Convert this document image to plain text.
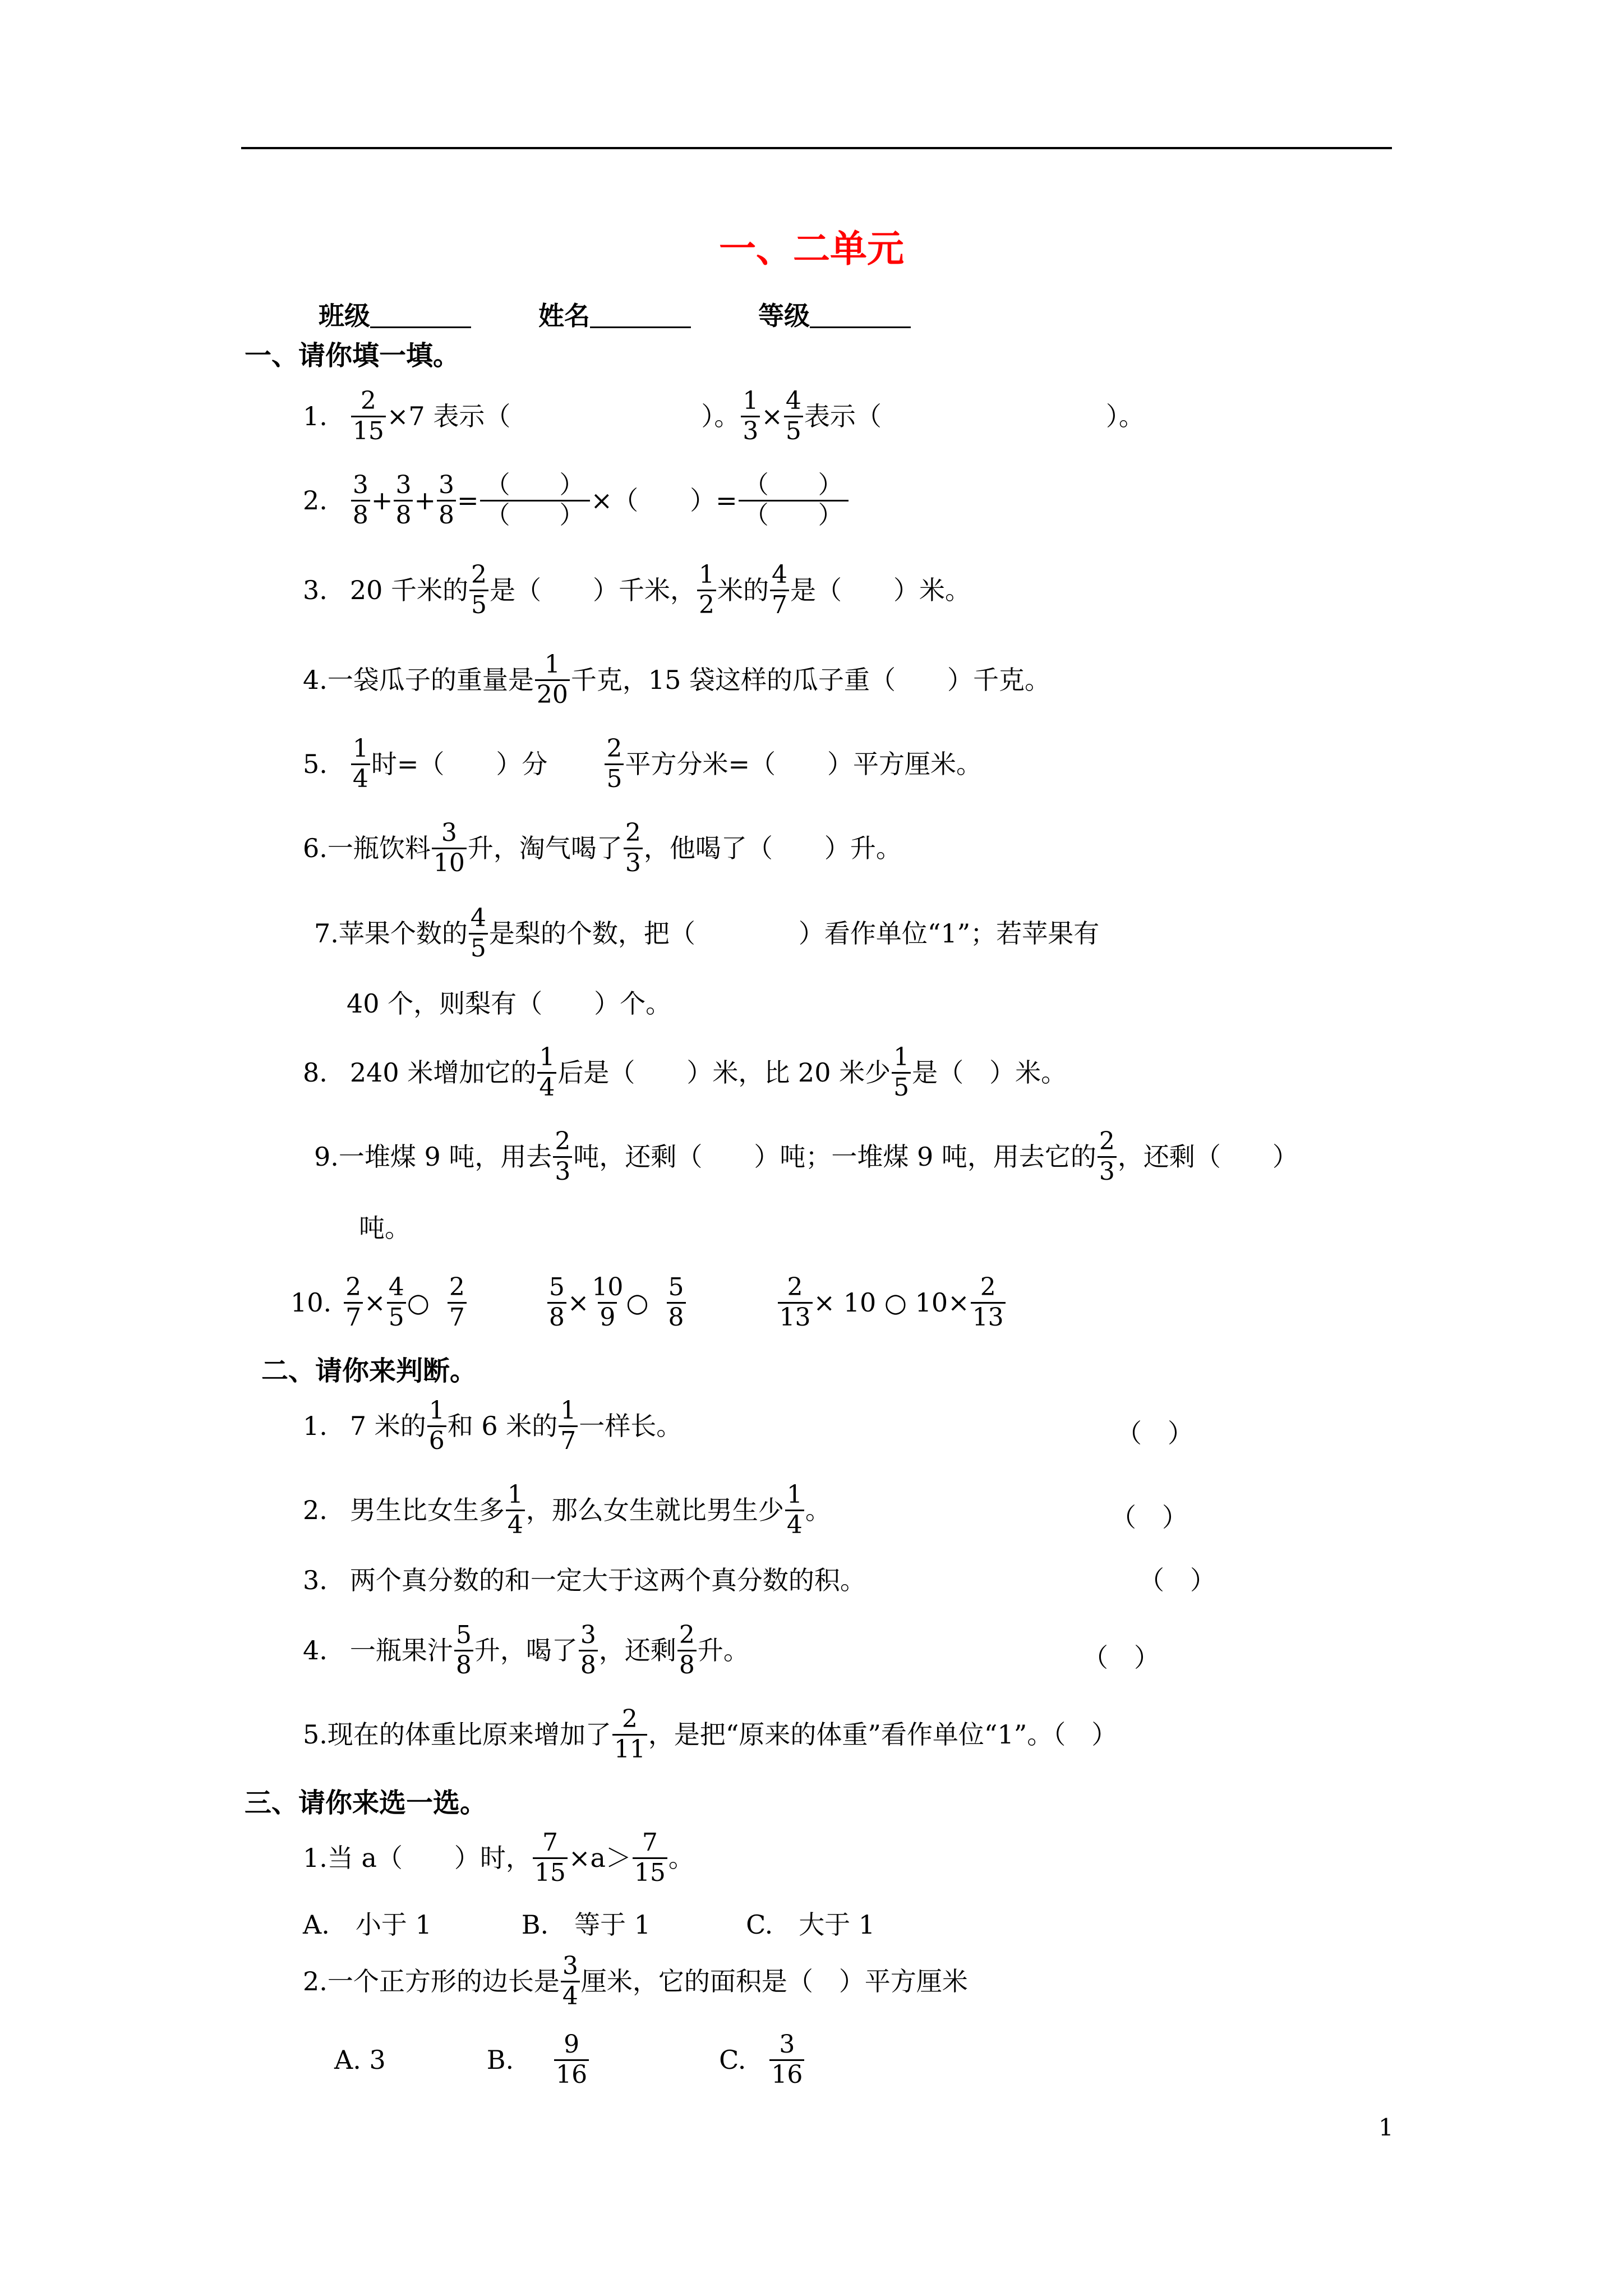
一、二单元
班级	姓名	等级
一、请你填一填。
1. $\frac{2}{15} \times 7$ 表示（	）。 $\frac{1}{3} \times \frac{4}{5}$ 表示（	）。
2. $\frac{3}{8} + \frac{3}{8} + \frac{3}{8} = \frac{( )}{( )}$ ×（　　）= $\frac{( )}{( )}$
3. 20 千米的 $\frac{2}{5}$ 是（　　）千米， $\frac{1}{2}$ 米的 $\frac{4}{7}$ 是（　　）米。
4.一袋瓜子的重量是 $\frac{1}{20}$ 千克，15 袋这样的瓜子重（　　）千克。
5. $\frac{1}{4}$ 时=（　　）分 $\frac{2}{5}$ 平方分米=（　　）平方厘米。
6.一瓶饮料 $\frac{3}{10}$ 升，淘气喝了 $\frac{2}{3}$ ，他喝了（　　）升。
7.苹果个数的 $\frac{4}{5}$ 是梨的个数，把（　　　　）看作单位“1”；若苹果有
40 个，则梨有（　　）个。
8. 240 米增加它的 $\frac{1}{4}$ 后是（　　）米，比 20 米少 $\frac{1}{5}$ 是（　）米。
9.一堆煤 9 吨，用去 $\frac{2}{3}$ 吨，还剩（　　）吨；一堆煤 9 吨，用去它的 $\frac{2}{3}$ ，还剩（　　）
吨。
10. $\frac{2}{7} \times \frac{4}{5}$ ○ $\frac{2}{7}$	$\frac{5}{8} \times \frac{10}{9}$ ○ $\frac{5}{8}$	$\frac{2}{13} \times 10$ ○ $10\times \frac{2}{13}$
二、请你来判断。
1. 7 米的 $\frac{1}{6}$ 和 6 米的 $\frac{1}{7}$ 一样长。	（　）
2. 男生比女生多 $\frac{1}{4}$ ，那么女生就比男生少 $\frac{1}{4}$ 。	（　）
3. 两个真分数的和一定大于这两个真分数的积。	（　）
4. 一瓶果汁 $\frac{5}{8}$ 升，喝了 $\frac{3}{8}$ ，还剩 $\frac{2}{8}$ 升。	（　）
5.现在的体重比原来增加了 $\frac{2}{11}$ ，是把“原来的体重”看作单位“1”。（　）
三、请你来选一选。
1.当 a（　　）时， $\frac{7}{15} \times a> \frac{7}{15}$ 。
A.　小于 1	B.　等于 1	C.　大于 1
2.一个正方形的边长是 $\frac{3}{4}$ 厘米，它的面积是（　）平方厘米
A. 3	B. $\frac{9}{16}$	C. $\frac{3}{16}$
1
